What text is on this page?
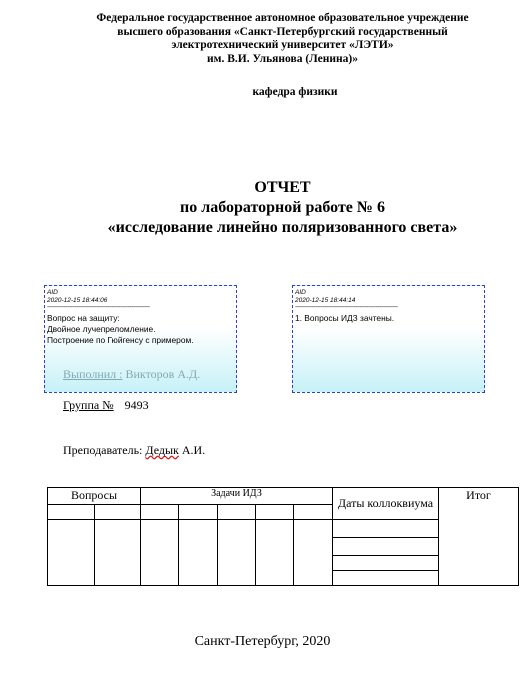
Федеральное государственное автономное образовательное учреждение
высшего образования «Санкт-Петербургский государственный
электротехнический университет «ЛЭТИ»
им. В.И. Ульянова (Ленина)»
кафедра физики
ОТЧЕТ
по лабораторной работе № 6
«исследование линейно поляризованного света»
AID
2020-12-15 18:44:06
--------------------------------------------------------
Вопрос на защиту:
Двойное лучепреломление.
Построение по Гюйгенсу с примером.
AID
2020-12-15 18:44:14
--------------------------------------------------------
1. Вопросы ИДЗ зачтены.
Выполнил : Викторов А.Д.
Группа № 9493
Преподаватель: Дедык А.И.
Вопросы		Задачи ИДЗ					Даты коллоквиума	Итог

Санкт-Петербург, 2020
